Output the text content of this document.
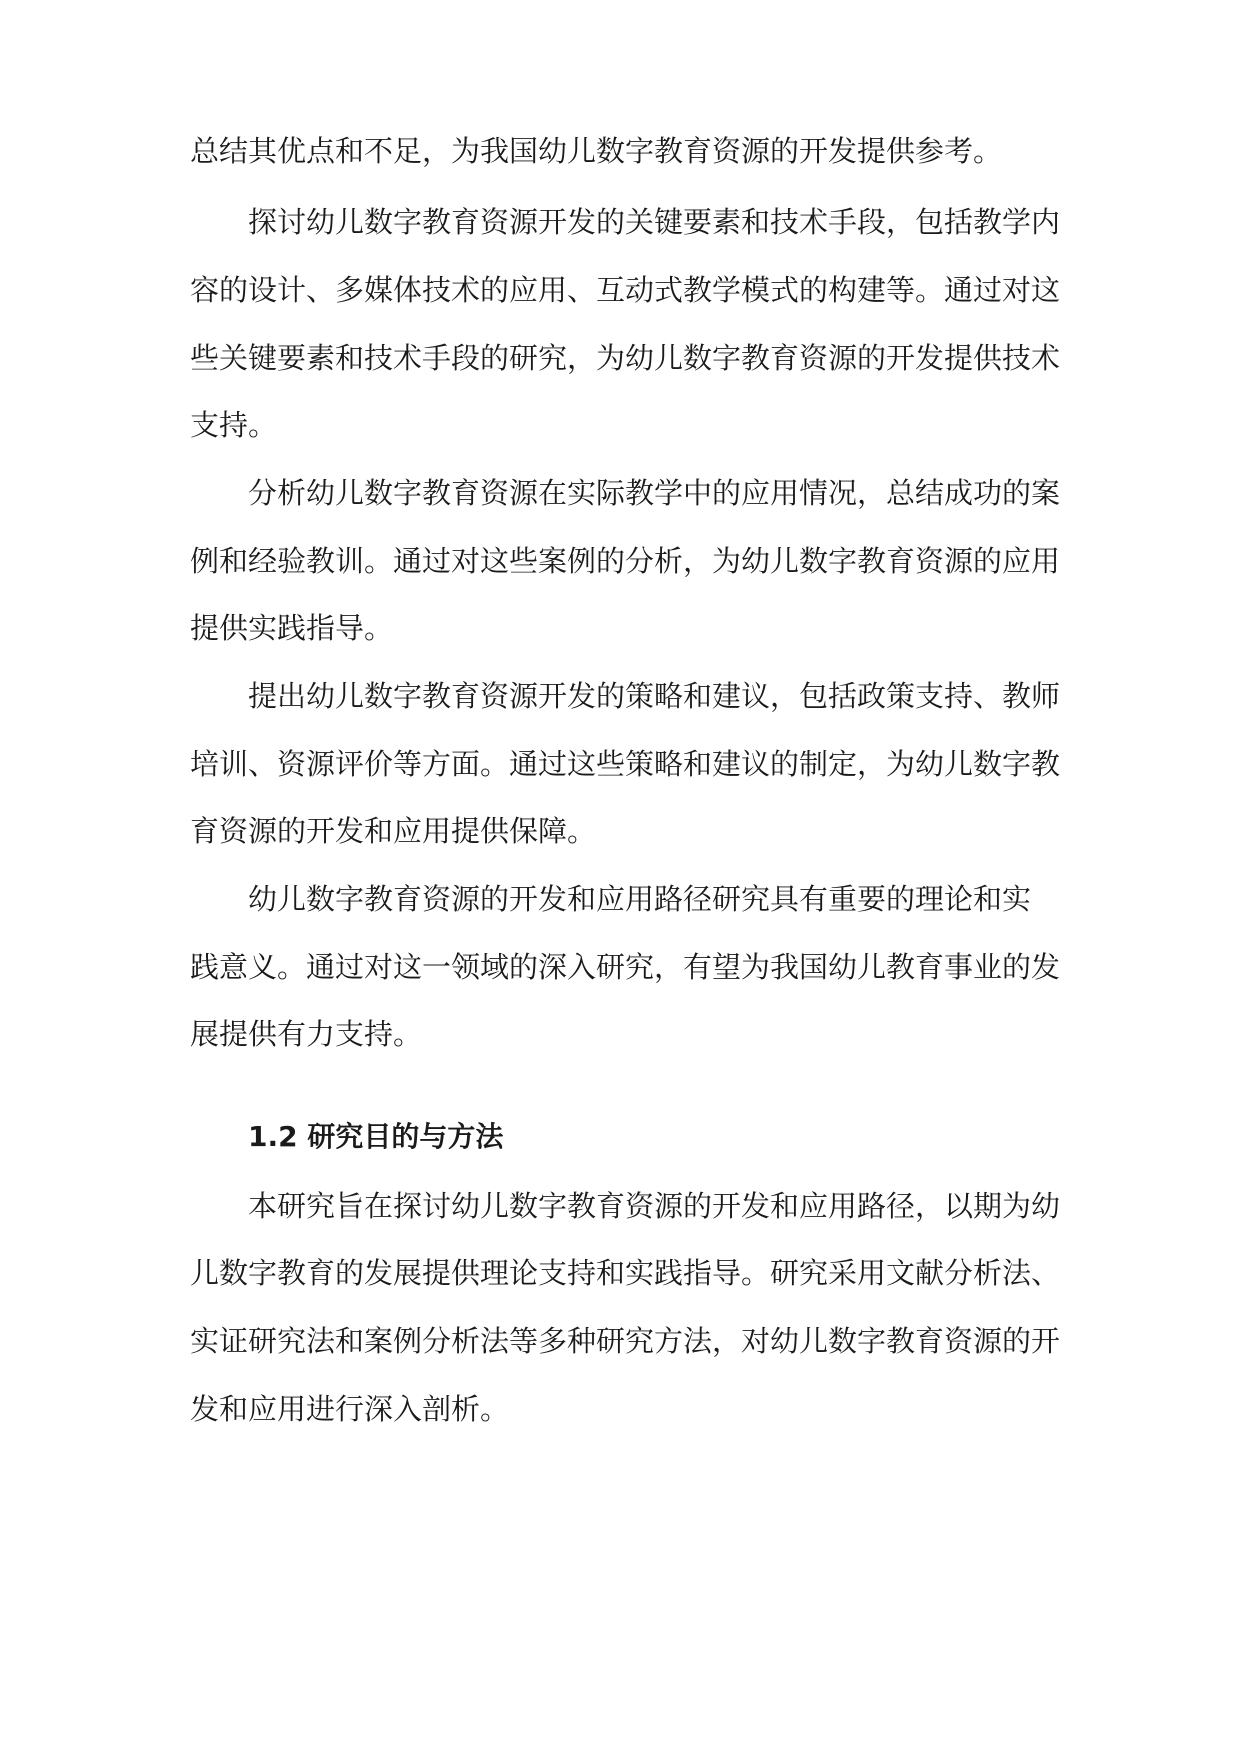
总结其优点和不足，为我国幼儿数字教育资源的开发提供参考。
探讨幼儿数字教育资源开发的关键要素和技术手段，包括教学内
容的设计、多媒体技术的应用、互动式教学模式的构建等。通过对这
些关键要素和技术手段的研究，为幼儿数字教育资源的开发提供技术
支持。
分析幼儿数字教育资源在实际教学中的应用情况，总结成功的案
例和经验教训。通过对这些案例的分析，为幼儿数字教育资源的应用
提供实践指导。
提出幼儿数字教育资源开发的策略和建议，包括政策支持、教师
培训、资源评价等方面。通过这些策略和建议的制定，为幼儿数字教
育资源的开发和应用提供保障。
幼儿数字教育资源的开发和应用路径研究具有重要的理论和实
践意义。通过对这一领域的深入研究，有望为我国幼儿教育事业的发
展提供有力支持。
1.2 研究目的与方法
本研究旨在探讨幼儿数字教育资源的开发和应用路径，以期为幼
儿数字教育的发展提供理论支持和实践指导。研究采用文献分析法、
实证研究法和案例分析法等多种研究方法，对幼儿数字教育资源的开
发和应用进行深入剖析。
